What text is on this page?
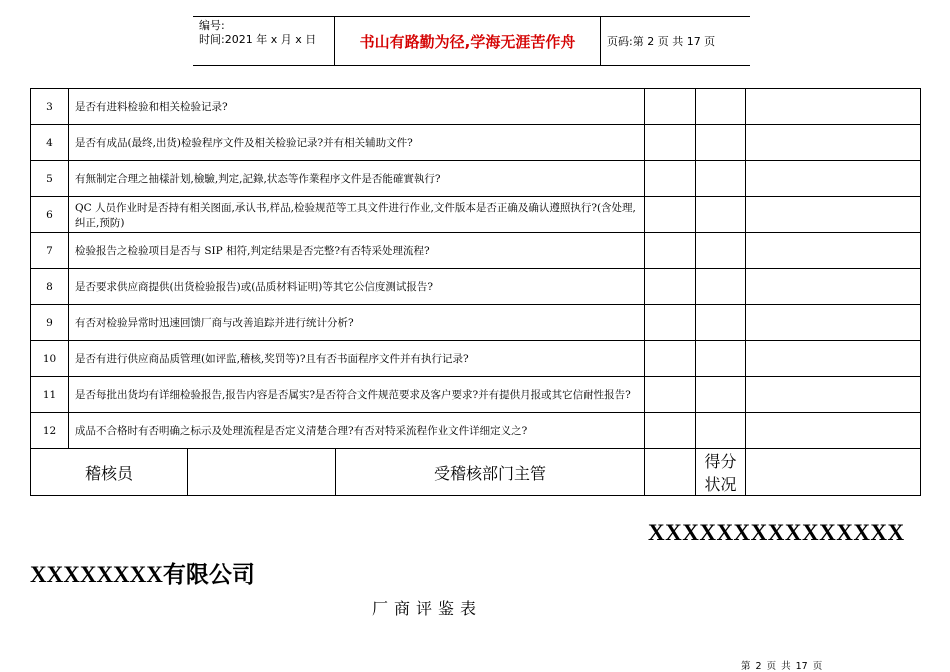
编号:
时间:2021 年 x 月 x 日	书山有路勤为径,学海无涯苦作舟	页码:第 2 页 共 17 页
3	是否有进料检验和相关检验记录?					
4	是否有成品(最终,出货)检验程序文件及相关检验记录?并有相关辅助文件?					
5	有無制定合理之抽樣計划,檢驗,判定,記錄,状态等作業程序文件是否能確實執行?					
6	QC 人员作业时是否持有相关图面,承认书,样品,检验规范等工具文件进行作业,文件版本是否正确及确认遵照执行?(含处理,纠正,预防)					
7	检验报告之检验项目是否与 SIP 相符,判定结果是否完整?有否特采处理流程?					
8	是否要求供应商提供(出货检验报告)或(品质材料证明)等其它公信度测试报告?					
9	有否对检验异常时迅速回馈厂商与改善追踪并进行统计分析?					
10	是否有进行供应商品质管理(如评监,稽核,奖罚等)?且有否书面程序文件并有执行记录?					
11	是否每批出货均有详细检验报告,报告内容是否属实?是否符合文件规范要求及客户要求?并有提供月报或其它信耐性报告?					
12	成品不合格时有否明确之标示及处理流程是否定义清楚合理?有否对特采流程作业文件详细定义之?					
稽核员			受稽核部门主管		得分状况	
XXXXXXXXXXXXXXX
XXXXXXXX有限公司
厂商评鉴表
第 2 页 共 17 页
